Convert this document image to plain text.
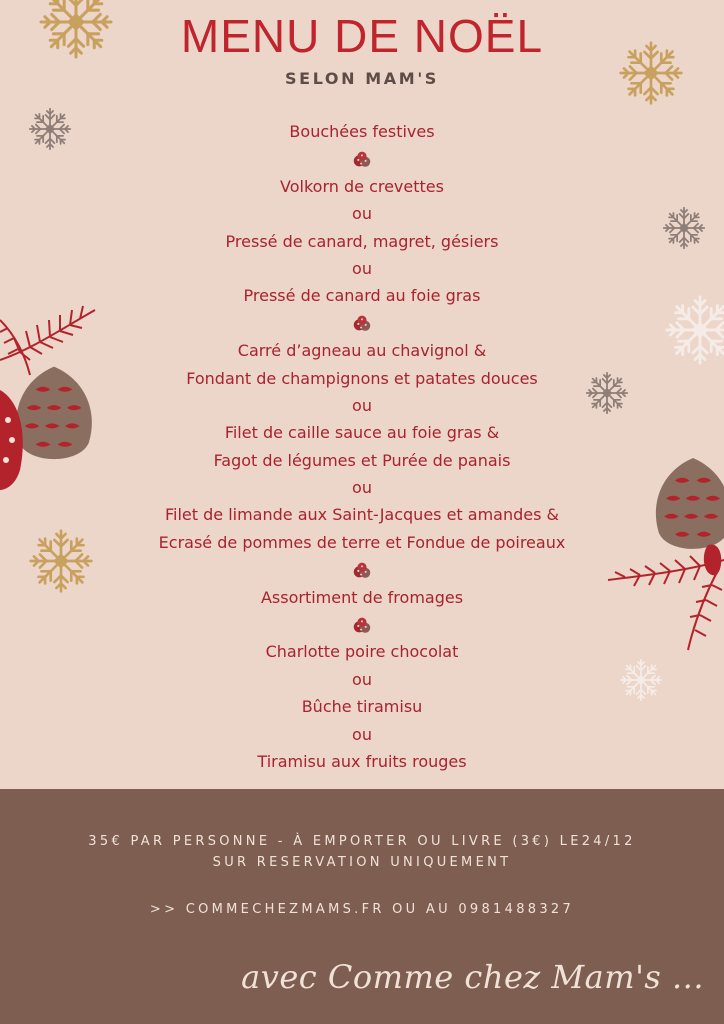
MENU DE NOËL
SELON MAM'S
Bouchées festives
Volkorn de crevettes
ou
Pressé de canard, magret, gésiers
ou
Pressé de canard au foie gras
Carré d’agneau au chavignol &
Fondant de champignons et patates douces
ou
Filet de caille sauce au foie gras &
Fagot de légumes et Purée de panais
ou
Filet de limande aux Saint-Jacques et amandes &
Ecrasé de pommes de terre et Fondue de poireaux
Assortiment de fromages
Charlotte poire chocolat
ou
Bûche tiramisu
ou
Tiramisu aux fruits rouges
35€ PAR PERSONNE - À EMPORTER OU LIVRE (3€) LE24/12
SUR RESERVATION UNIQUEMENT
>> COMMECHEZMAMS.FR OU AU 0981488327
avec Comme chez Mam's ...
